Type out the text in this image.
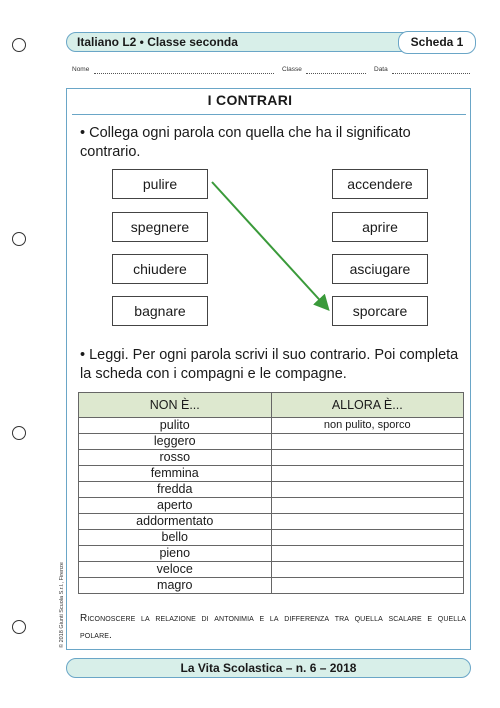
Italiano L2 • Classe seconda	Scheda 1
Nome	Classe	Data
I CONTRARI
• Collega ogni parola con quella che ha il significato contrario.
pulire
spegnere
chiudere
bagnare
accendere
aprire
asciugare
sporcare
• Leggi. Per ogni parola scrivi il suo contrario. Poi completa la scheda con i compagni e le compagne.
NON È...	ALLORA È...
pulito	non pulito, sporco
leggero	
rosso	
femmina	
fredda	
aperto	
addormentato	
bello	
pieno	
veloce	
magro	
Riconoscere la relazione di antonimia e la differenza tra quella scalare e quella polare.
© 2018 Giunti Scuola S.r.l., Firenze
La Vita Scolastica – n. 6 – 2018
